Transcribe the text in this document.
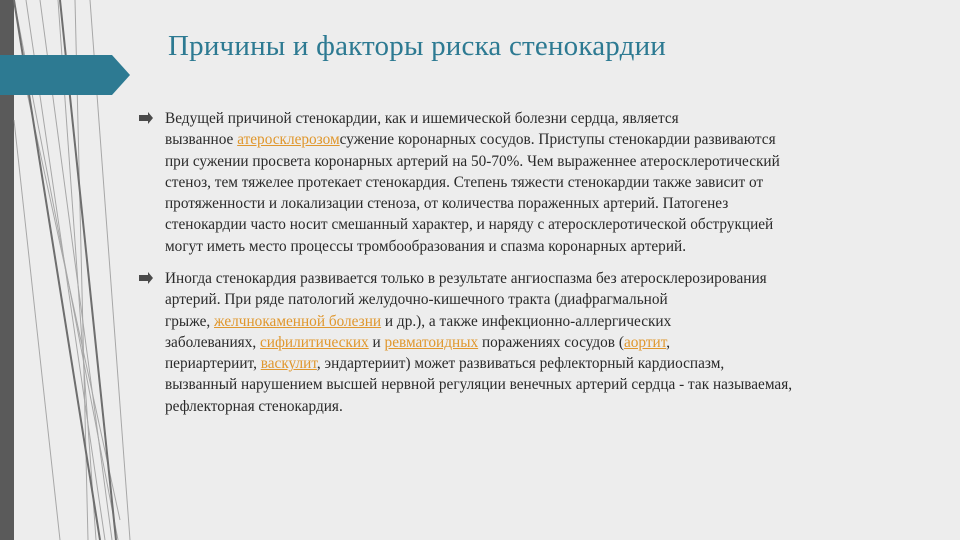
Причины и факторы риска стенокардии
Ведущей причиной стенокардии, как и ишемической болезни сердца, является
вызванное атеросклерозомсужение коронарных сосудов. Приступы стенокардии развиваются
при сужении просвета коронарных артерий на 50-70%. Чем выраженнее атеросклеротический
стеноз, тем тяжелее протекает стенокардия. Степень тяжести стенокардии также зависит от
протяженности и локализации стеноза, от количества пораженных артерий. Патогенез
стенокардии часто носит смешанный характер, и наряду с атеросклеротической обструкцией
могут иметь место процессы тромбообразования и спазма коронарных артерий.
Иногда стенокардия развивается только в результате ангиоспазма без атеросклерозирования
артерий. При ряде патологий желудочно-кишечного тракта (диафрагмальной
грыже, желчнокаменной болезни и др.), а также инфекционно-аллергических
заболеваниях, сифилитических и ревматоидных поражениях сосудов (аортит,
периартериит, васкулит, эндартериит) может развиваться рефлекторный кардиоспазм,
вызванный нарушением высшей нервной регуляции венечных артерий сердца - так называемая,
рефлекторная стенокардия.
